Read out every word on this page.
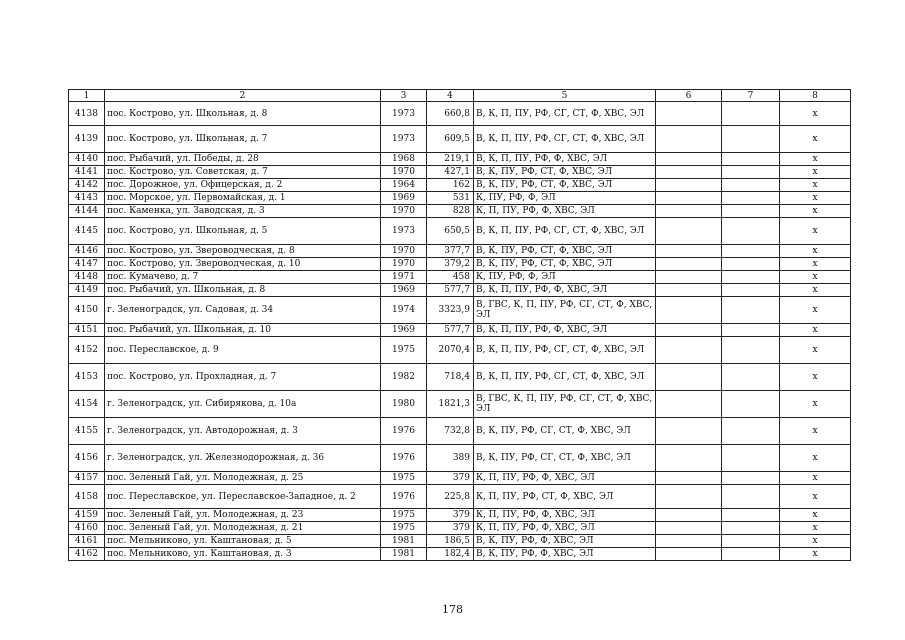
1	2	3	4	5	6	7	8
4138	пос. Кострово, ул. Школьная, д. 8	1973	660,8	В, К, П, ПУ, РФ, СГ, СТ, Ф, ХВС, ЭЛ			x
4139	пос. Кострово, ул. Школьная, д. 7	1973	609,5	В, К, П, ПУ, РФ, СГ, СТ, Ф, ХВС, ЭЛ			x
4140	пос. Рыбачий, ул. Победы, д. 28	1968	219,1	В, К, П, ПУ, РФ, Ф, ХВС, ЭЛ			x
4141	пос. Кострово, ул. Советская, д. 7	1970	427,1	В, К, ПУ, РФ, СТ, Ф, ХВС, ЭЛ			x
4142	пос. Дорожное, ул. Офицерская, д. 2	1964	162	В, К, ПУ, РФ, СТ, Ф, ХВС, ЭЛ			x
4143	пос. Морское, ул. Первомайская, д. 1	1969	531	К, ПУ, РФ, Ф, ЭЛ			x
4144	пос. Каменка, ул. Заводская, д. 3	1970	828	К, П, ПУ, РФ, Ф, ХВС, ЭЛ			x
4145	пос. Кострово, ул. Школьная, д. 5	1973	650,5	В, К, П, ПУ, РФ, СГ, СТ, Ф, ХВС, ЭЛ			x
4146	пос. Кострово, ул. Звероводческая, д. 8	1970	377,7	В, К, ПУ, РФ, СТ, Ф, ХВС, ЭЛ			x
4147	пос. Кострово, ул. Звероводческая, д. 10	1970	379,2	В, К, ПУ, РФ, СТ, Ф, ХВС, ЭЛ			x
4148	пос. Кумачево, д. 7	1971	458	К, ПУ, РФ, Ф, ЭЛ			x
4149	пос. Рыбачий, ул. Школьная, д. 8	1969	577,7	В, К, П, ПУ, РФ, Ф, ХВС, ЭЛ			x
4150	г. Зеленоградск, ул. Садовая, д. 34	1974	3323,9	В, ГВС, К, П, ПУ, РФ, СГ, СТ, Ф, ХВС, ЭЛ			x
4151	пос. Рыбачий, ул. Школьная, д. 10	1969	577,7	В, К, П, ПУ, РФ, Ф, ХВС, ЭЛ			x
4152	пос. Переславское, д. 9	1975	2070,4	В, К, П, ПУ, РФ, СГ, СТ, Ф, ХВС, ЭЛ			x
4153	пос. Кострово, ул. Прохладная, д. 7	1982	718,4	В, К, П, ПУ, РФ, СГ, СТ, Ф, ХВС, ЭЛ			x
4154	г. Зеленоградск, ул. Сибирякова, д. 10а	1980	1821,3	В, ГВС, К, П, ПУ, РФ, СГ, СТ, Ф, ХВС, ЭЛ			x
4155	г. Зеленоградск, ул. Автодорожная, д. 3	1976	732,8	В, К, ПУ, РФ, СГ, СТ, Ф, ХВС, ЭЛ			x
4156	г. Зеленоградск, ул. Железнодорожная, д. 36	1976	389	В, К, ПУ, РФ, СГ, СТ, Ф, ХВС, ЭЛ			x
4157	пос. Зеленый Гай, ул. Молодежная, д. 25	1975	379	К, П, ПУ, РФ, Ф, ХВС, ЭЛ			x
4158	пос. Переславское, ул. Переславское-Западное, д. 2	1976	225,8	К, П, ПУ, РФ, СТ, Ф, ХВС, ЭЛ			x
4159	пос. Зеленый Гай, ул. Молодежная, д. 23	1975	379	К, П, ПУ, РФ, Ф, ХВС, ЭЛ			x
4160	пос. Зеленый Гай, ул. Молодежная, д. 21	1975	379	К, П, ПУ, РФ, Ф, ХВС, ЭЛ			x
4161	пос. Мельниково, ул. Каштановая, д. 5	1981	186,5	В, К, ПУ, РФ, Ф, ХВС, ЭЛ			x
4162	пос. Мельниково, ул. Каштановая, д. 3	1981	182,4	В, К, ПУ, РФ, Ф, ХВС, ЭЛ			x
178
